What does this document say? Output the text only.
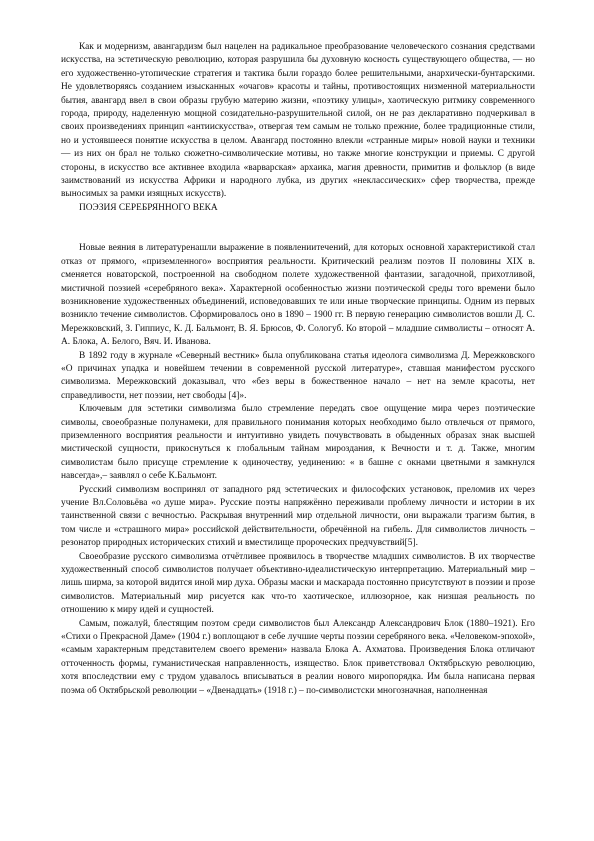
Как и модернизм, авангардизм был нацелен на радикальное преобразование человеческого сознания средствами искусства, на эстетическую революцию, которая разрушила бы духовную косность существующего общества, — но его художественно-утопические стратегия и тактика были гораздо более решительными, анархически-бунтарскими. Не удовлетворяясь созданием изысканных «очагов» красоты и тайны, противостоящих низменной материальности бытия, авангард ввел в свои образы грубую материю жизни, «поэтику улицы», хаотическую ритмику современного города, природу, наделенную мощной созидательно-разрушительной силой, он не раз декларативно подчеркивал в своих произведениях принцип «антиискусства», отвергая тем самым не только прежние, более традиционные стили, но и устоявшееся понятие искусства в целом. Авангард постоянно влекли «странные миры» новой науки и техники — из них он брал не только сюжетно-символические мотивы, но также многие конструкции и приемы. С другой стороны, в искусство все активнее входила «варварская» архаика, магия древности, примитив и фольклор (в виде заимствований из искусства Африки и народного лубка, из других «неклассических» сфер творчества, прежде выносимых за рамки изящных искусств).

ПОЭЗИЯ СЕРЕБРЯННОГО ВЕКА

Новые веяния в литературенашли выражение в появлениитечений, для которых основной характеристикой стал отказ от прямого, «приземленного» восприятия реальности. Критический реализм поэтов II половины XIX в. сменяется новаторской, построенной на свободном полете художественной фантазии, загадочной, прихотливой, мистичной поэзией «серебряного века». Характерной особенностью жизни поэтической среды того времени было возникновение художественных объединений, исповедовавших те или иные творческие принципы. Одним из первых возникло течение символистов. Сформировалось оно в 1890 – 1900 гг. В первую генерацию символистов вошли Д. С. Мережковский, З. Гиппиус, К. Д. Бальмонт, В. Я. Брюсов, Ф. Сологуб. Ко второй – младшие символисты – относят А. А. Блока, А. Белого, Вяч. И. Иванова.

В 1892 году в журнале «Северный вестник» была опубликована статья идеолога символизма Д. Мережковского «О причинах упадка и новейшем течении в современной русской литературе», ставшая манифестом русского символизма. Мережковский доказывал, что «без веры в божественное начало – нет на земле красоты, нет справедливости, нет поэзии, нет свободы [4]».

Ключевым для эстетики символизма было стремление передать свое ощущение мира через поэтические символы, своеобразные полунамеки, для правильного понимания которых необходимо было отвлечься от прямого, приземленного восприятия реальности и интуитивно увидеть почувствовать в обыденных образах знак высшей мистической сущности, прикоснуться к глобальным тайнам мироздания, к Вечности и т. д. Также, многим символистам было присуще стремление к одиночеству, уединению: « в башне с окнами цветными я замкнулся навсегда»,– заявлял о себе К.Бальмонт.

Русский символизм воспринял от западного ряд эстетических и философских установок, преломив их через учение Вл.Соловьёва «о душе мира». Русские поэты напряжённо переживали проблему личности и истории в их таинственной связи с вечностью. Раскрывая внутренний мир отдельной личности, они выражали трагизм бытия, в том числе и «страшного мира» российской действительности, обречённой на гибель. Для символистов личность – резонатор природных исторических стихий и вместилище пророческих предчувствий[5].

Своеобразие русского символизма отчётливее проявилось в творчестве младших символистов. В их творчестве художественный способ символистов получает объективно-идеалистическую интерпретацию. Материальный мир – лишь ширма, за которой видится иной мир духа. Образы маски и маскарада постоянно присутствуют в поэзии и прозе символистов. Материальный мир рисуется как что-то хаотическое, иллюзорное, как низшая реальность по отношению к миру идей и сущностей.

Самым, пожалуй, блестящим поэтом среди символистов был Александр Александрович Блок (1880–1921). Его «Стихи о Прекрасной Даме» (1904 г.) воплощают в себе лучшие черты поэзии серебряного века. «Человеком-эпохой», «самым характерным представителем своего времени» назвала Блока А. Ахматова. Произведения Блока отличают отточенность формы, гуманистическая направленность, изящество. Блок приветствовал Октябрьскую революцию, хотя впоследствии ему с трудом удавалось вписываться в реалии нового миропорядка. Им была написана первая поэма об Октябрьской революции – «Двенадцать» (1918 г.) – по-символистски многозначная, наполненная
